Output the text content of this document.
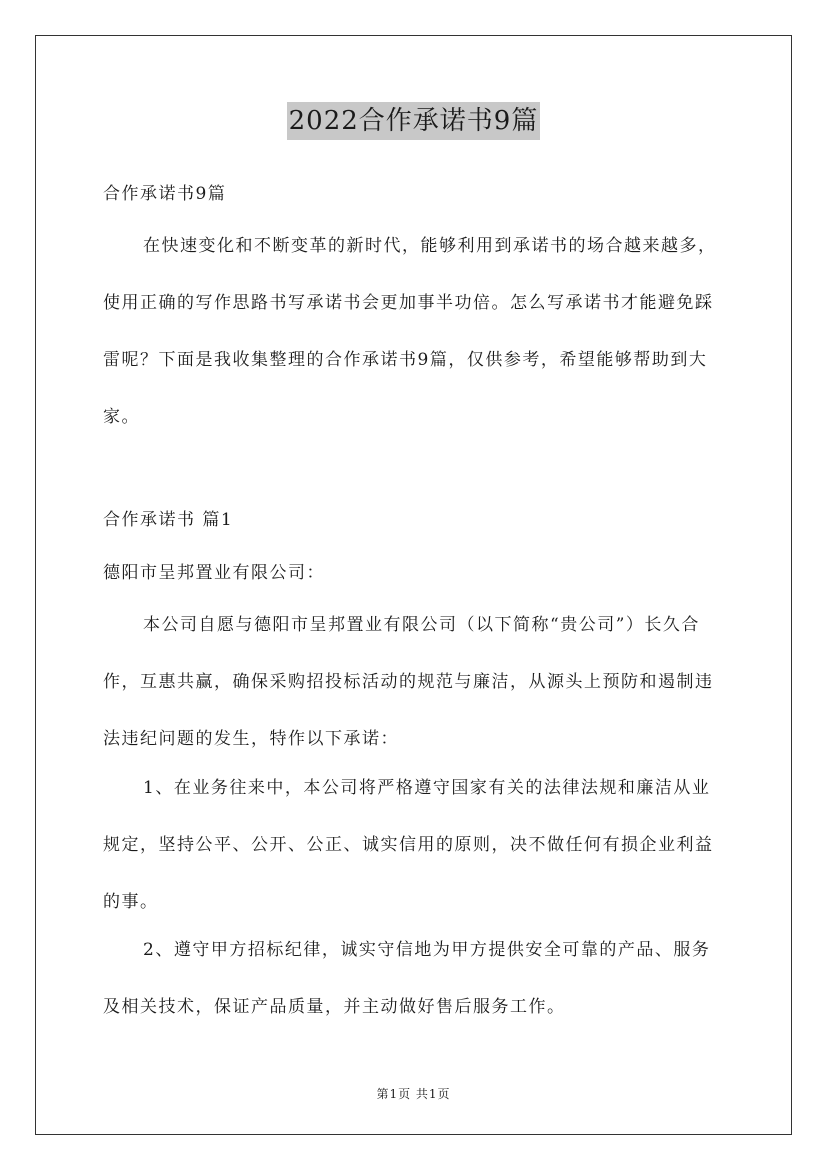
2022合作承诺书9篇

合作承诺书9篇

在快速变化和不断变革的新时代，能够利用到承诺书的场合越来越多，使用正确的写作思路书写承诺书会更加事半功倍。怎么写承诺书才能避免踩雷呢？下面是我收集整理的合作承诺书9篇，仅供参考，希望能够帮助到大家。

合作承诺书 篇1

德阳市呈邦置业有限公司：

本公司自愿与德阳市呈邦置业有限公司（以下简称“贵公司”）长久合作，互惠共赢，确保采购招投标活动的规范与廉洁，从源头上预防和遏制违法违纪问题的发生，特作以下承诺：

1、在业务往来中，本公司将严格遵守国家有关的法律法规和廉洁从业规定，坚持公平、公开、公正、诚实信用的原则，决不做任何有损企业利益的事。

2、遵守甲方招标纪律，诚实守信地为甲方提供安全可靠的产品、服务及相关技术，保证产品质量，并主动做好售后服务工作。

第1页 共1页
